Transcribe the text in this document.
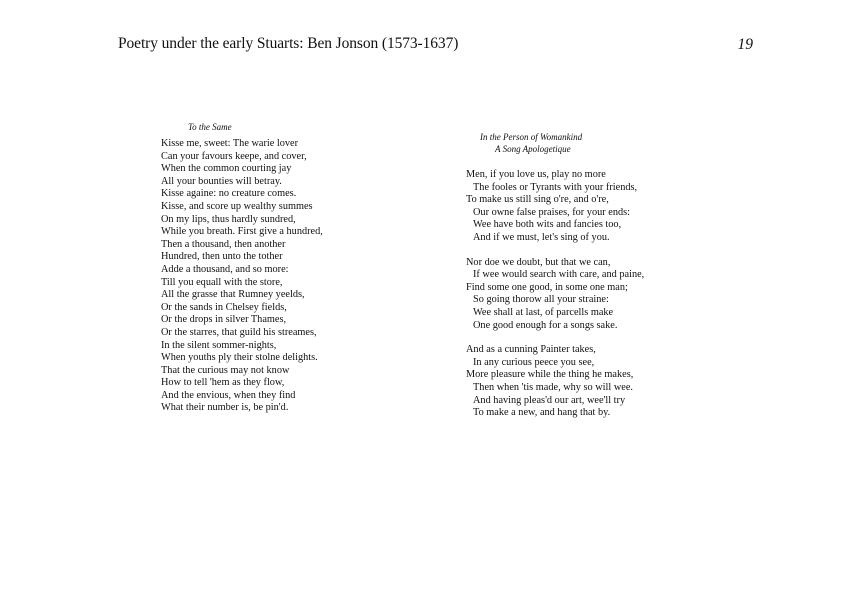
Poetry under the early Stuarts: Ben Jonson (1573-1637)	19
To the Same
Kisse me, sweet: The warie lover
Can your favours keepe, and cover,
When the common courting jay
All your bounties will betray.
Kisse againe: no creature comes.
Kisse, and score up wealthy summes
On my lips, thus hardly sundred,
While you breath. First give a hundred,
Then a thousand, then another
Hundred, then unto the tother
Adde a thousand, and so more:
Till you equall with the store,
All the grasse that Rumney yeelds,
Or the sands in Chelsey fields,
Or the drops in silver Thames,
Or the starres, that guild his streames,
In the silent sommer-nights,
When youths ply their stolne delights.
That the curious may not know
How to tell 'hem as they flow,
And the envious, when they find
What their number is, be pin'd.
In the Person of Womankind
A Song Apologetique
Men, if you love us, play no more
The fooles or Tyrants with your friends,
To make us still sing o're, and o're,
Our owne false praises, for your ends:
Wee have both wits and fancies too,
And if we must, let's sing of you.
Nor doe we doubt, but that we can,
If wee would search with care, and paine,
Find some one good, in some one man;
So going thorow all your straine:
Wee shall at last, of parcells make
One good enough for a songs sake.
And as a cunning Painter takes,
In any curious peece you see,
More pleasure while the thing he makes,
Then when 'tis made, why so will wee.
And having pleas'd our art, wee'll try
To make a new, and hang that by.
